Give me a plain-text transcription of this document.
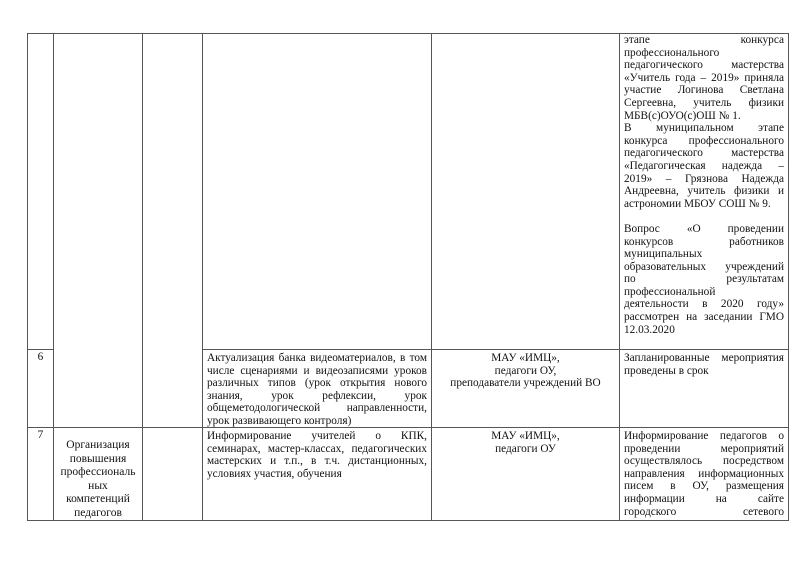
этапе конкурса
профессионального
педагогического мастерства
«Учитель года – 2019» приняла
участие Логинова Светлана
Сергеевна, учитель физики
МБВ(с)ОУО(с)ОШ № 1.
В муниципальном этапе
конкурса профессионального
педагогического мастерства
«Педагогическая надежда –
2019» – Грязнова Надежда
Андреевна, учитель физики и
астрономии МБОУ СОШ № 9.

Вопрос «О проведении
конкурсов работников
муниципальных
образовательных учреждений
по результатам
профессиональной
деятельности в 2020 году»
рассмотрен на заседании ГМО
12.03.2020
6	Актуализация банка видеоматериалов, в том
числе сценариями и видеозаписями уроков
различных типов (урок открытия нового
знания, урок рефлексии, урок
общеметодологической направленности,
урок развивающего контроля)
МАУ «ИМЦ»,
педагоги ОУ,
преподаватели учреждений ВО
Запланированные мероприятия
проведены в срок
7
Организация
повышения
профессиональ
ных
компетенций
педагогов
Информирование учителей о КПК,
семинарах, мастер-классах, педагогических
мастерских и т.п., в т.ч. дистанционных,
условиях участия, обучения
МАУ «ИМЦ»,
педагоги ОУ
Информирование педагогов о
проведении мероприятий
осуществлялось посредством
направления информационных
писем в ОУ, размещения
информации на сайте
городского сетевого
